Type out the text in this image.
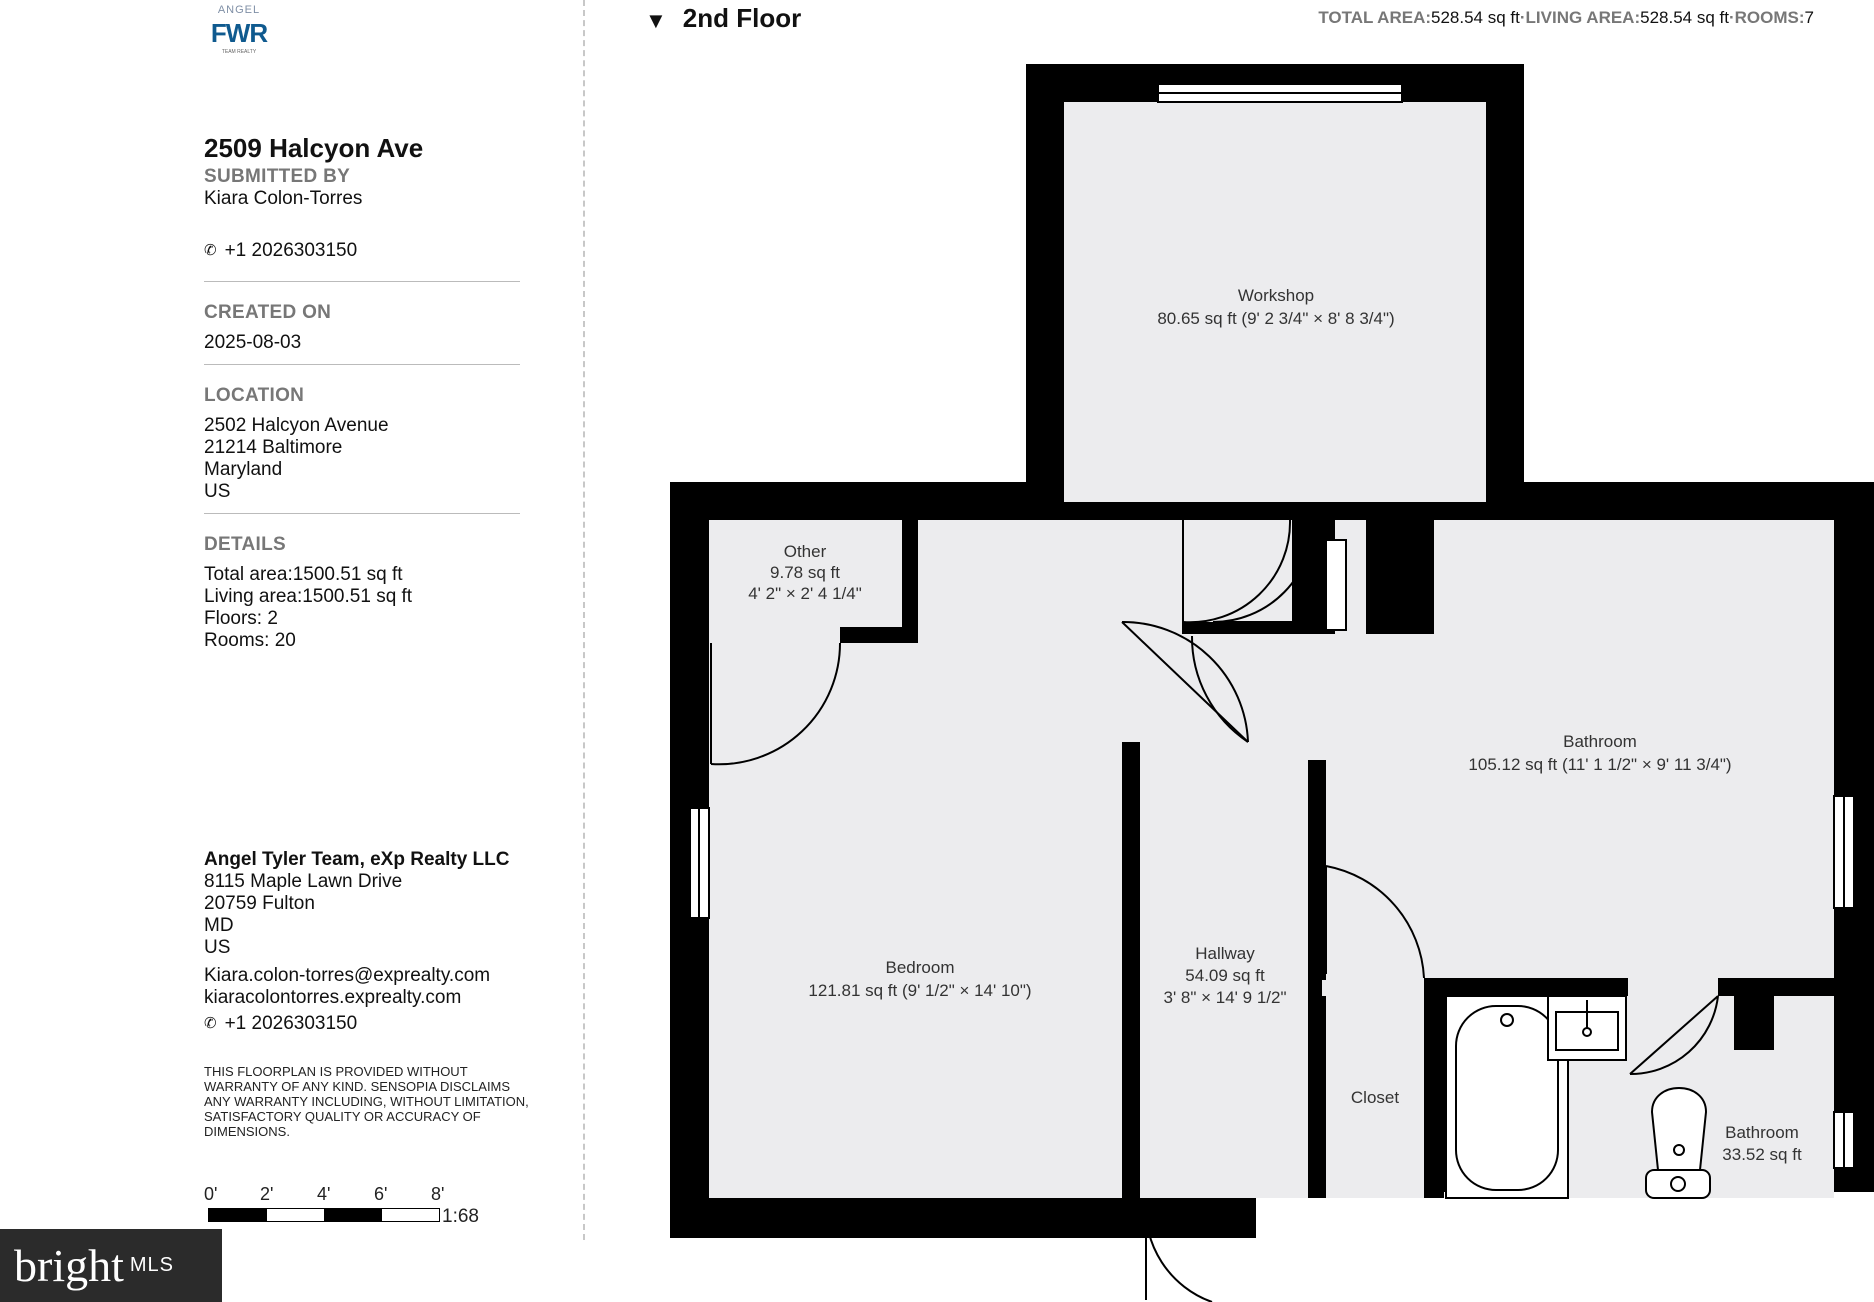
ANGEL
FWR
TEAM REALTY
2509 Halcyon Ave
SUBMITTED BY
Kiara Colon-Torres
✆ +1 2026303150
CREATED ON
2025-08-03
LOCATION
2502 Halcyon Avenue
21214 Baltimore
Maryland
US
DETAILS
Total area:1500.51 sq ft
Living area:1500.51 sq ft
Floors: 2
Rooms: 20
Angel Tyler Team, eXp Realty LLC
8115 Maple Lawn Drive
20759 Fulton
MD
US
Kiara.colon-torres@exprealty.com
kiaracolontorres.exprealty.com
✆ +1 2026303150
THIS FLOORPLAN IS PROVIDED WITHOUT WARRANTY OF ANY KIND. SENSOPIA DISCLAIMS ANY WARRANTY INCLUDING, WITHOUT LIMITATION, SATISFACTORY QUALITY OR ACCURACY OF DIMENSIONS.
0' 2' 4' 6' 8'
1:68
bright MLS
▼ 2nd Floor	TOTAL AREA:528.54 sq ft·LIVING AREA:528.54 sq ft·ROOMS:7
Workshop
80.65 sq ft (9' 2 3/4" × 8' 8 3/4")
Other
9.78 sq ft
4' 2" × 2' 4 1/4"
Bathroom
105.12 sq ft (11' 1 1/2" × 9' 11 3/4")
Bedroom
121.81 sq ft (9' 1/2" × 14' 10")
Hallway
54.09 sq ft
3' 8" × 14' 9 1/2"
Closet
Bathroom
33.52 sq ft
